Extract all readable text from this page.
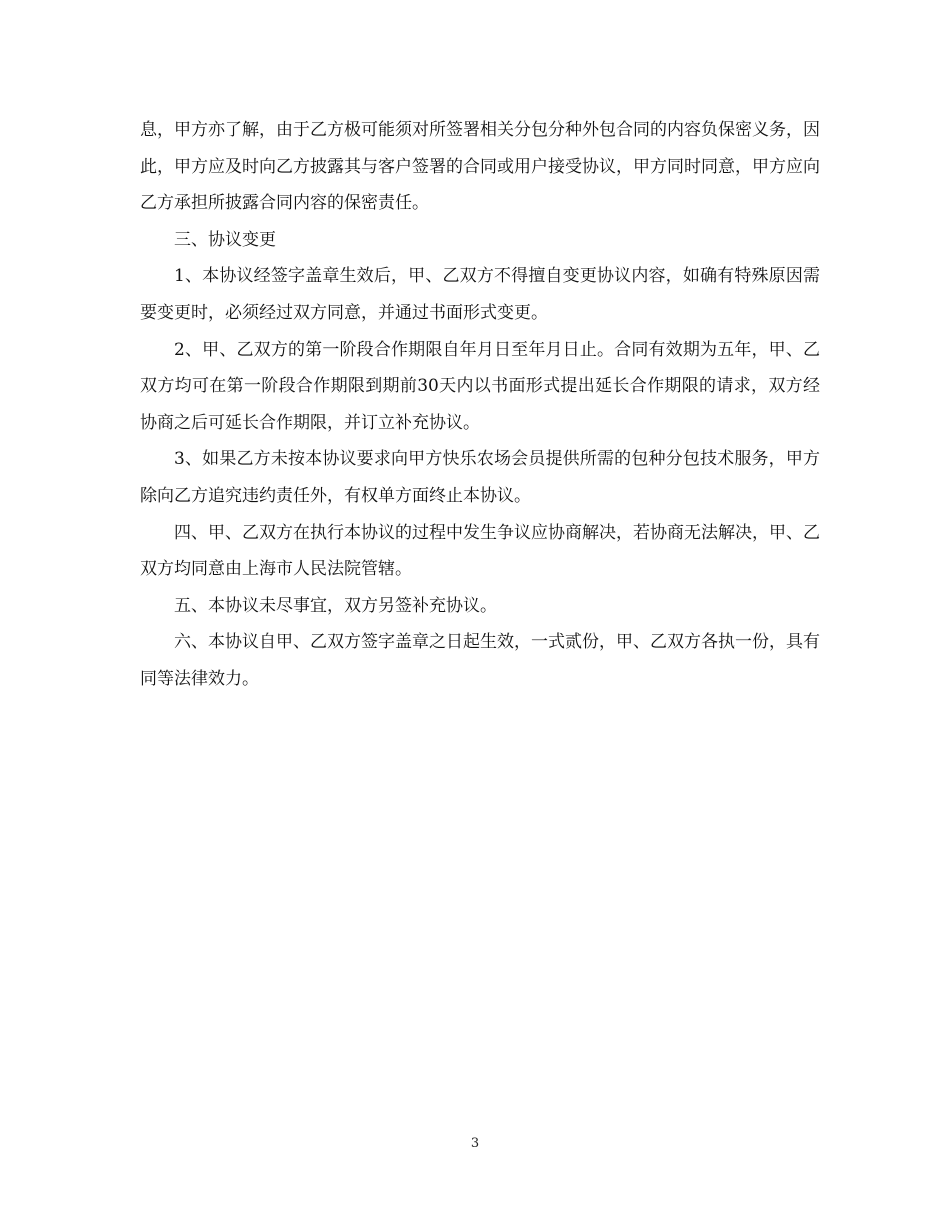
息，甲方亦了解，由于乙方极可能须对所签署相关分包分种外包合同的内容负保密义务，因此，甲方应及时向乙方披露其与客户签署的合同或用户接受协议，甲方同时同意，甲方应向乙方承担所披露合同内容的保密责任。

三、协议变更

1、本协议经签字盖章生效后，甲、乙双方不得擅自变更协议内容，如确有特殊原因需要变更时，必须经过双方同意，并通过书面形式变更。

2、甲、乙双方的第一阶段合作期限自年月日至年月日止。合同有效期为五年，甲、乙双方均可在第一阶段合作期限到期前30天内以书面形式提出延长合作期限的请求，双方经协商之后可延长合作期限，并订立补充协议。

3、如果乙方未按本协议要求向甲方快乐农场会员提供所需的包种分包技术服务，甲方除向乙方追究违约责任外，有权单方面终止本协议。

四、甲、乙双方在执行本协议的过程中发生争议应协商解决，若协商无法解决，甲、乙双方均同意由上海市人民法院管辖。

五、本协议未尽事宜，双方另签补充协议。

六、本协议自甲、乙双方签字盖章之日起生效，一式贰份，甲、乙双方各执一份，具有同等法律效力。

3
